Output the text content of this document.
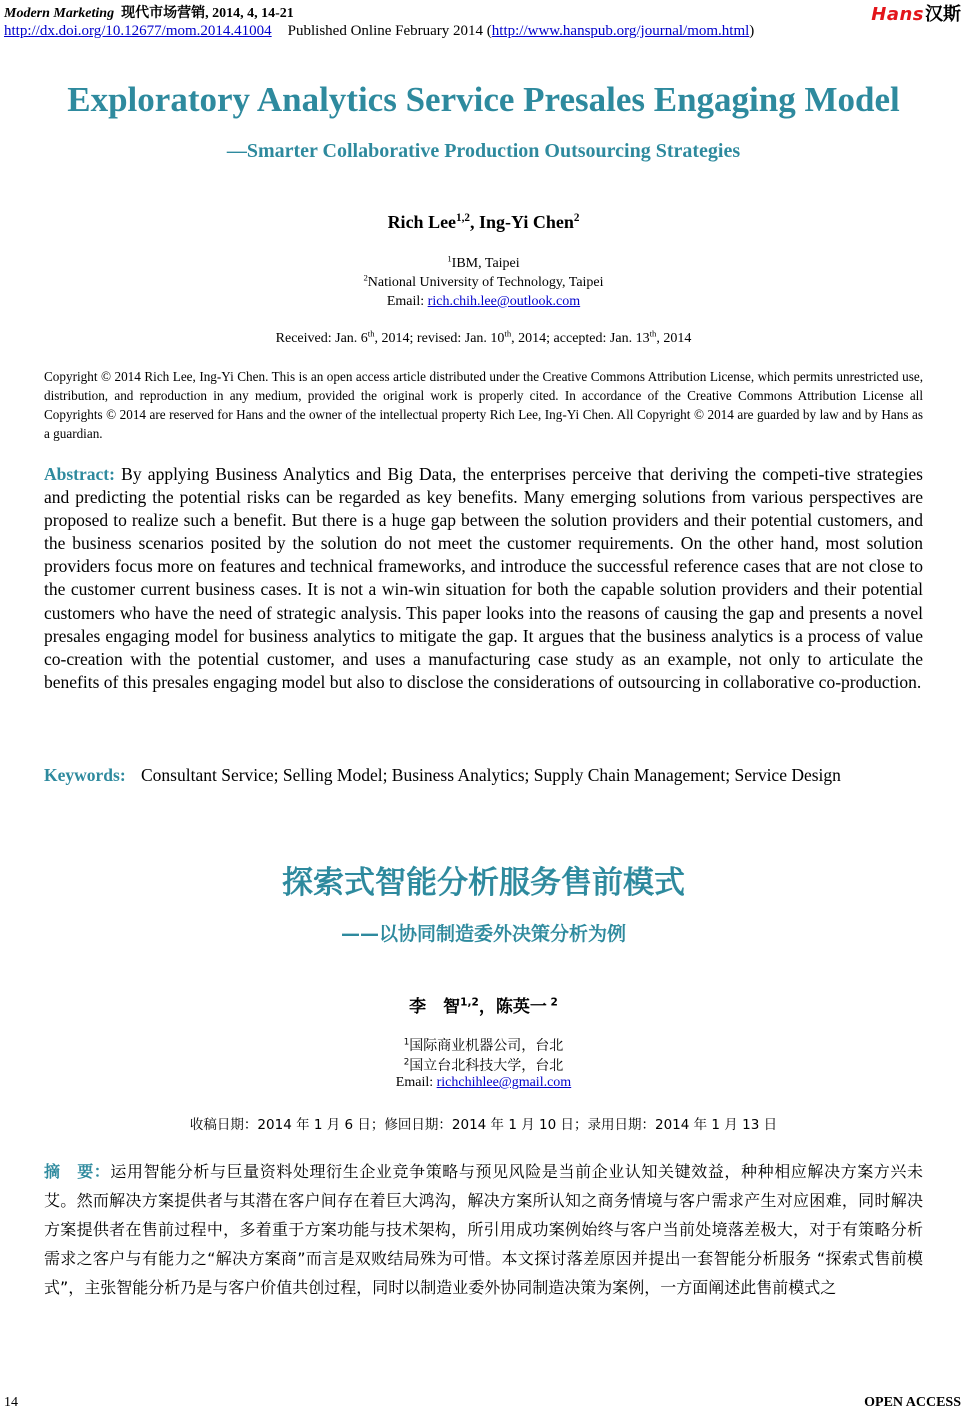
Modern Marketing 现代市场营销, 2014, 4, 14-21	Hans汉斯
http://dx.doi.org/10.12677/mom.2014.41004 Published Online February 2014 (http://www.hanspub.org/journal/mom.html)
Exploratory Analytics Service Presales Engaging Model
—Smarter Collaborative Production Outsourcing Strategies
Rich Lee$^{1,2}$, Ing-Yi Chen$^2$
$^1$IBM, Taipei
$^2$National University of Technology, Taipei
Email: rich.chih.lee@outlook.com
Received: Jan. 6th, 2014; revised: Jan. 10th, 2014; accepted: Jan. 13th, 2014
Copyright © 2014 Rich Lee, Ing-Yi Chen. This is an open access article distributed under the Creative Commons Attribution License, which permits unrestricted use, distribution, and reproduction in any medium, provided the original work is properly cited. In accordance of the Creative Commons Attribution License all Copyrights © 2014 are reserved for Hans and the owner of the intellectual property Rich Lee, Ing-Yi Chen. All Copyright © 2014 are guarded by law and by Hans as a guardian.
Abstract: By applying Business Analytics and Big Data, the enterprises perceive that deriving the competi-tive strategies and predicting the potential risks can be regarded as key benefits. Many emerging solutions from various perspectives are proposed to realize such a benefit. But there is a huge gap between the solution providers and their potential customers, and the business scenarios posited by the solution do not meet the customer requirements. On the other hand, most solution providers focus more on features and technical frameworks, and introduce the successful reference cases that are not close to the customer current business cases. It is not a win-win situation for both the capable solution providers and their potential customers who have the need of strategic analysis. This paper looks into the reasons of causing the gap and presents a novel presales engaging model for business analytics to mitigate the gap. It argues that the business analytics is a process of value co-creation with the potential customer, and uses a manufacturing case study as an example, not only to articulate the benefits of this presales engaging model but also to disclose the considerations of outsourcing in collaborative co-production.
Keywords: Consultant Service; Selling Model; Business Analytics; Supply Chain Management; Service Design
探索式智能分析服务售前模式
——以协同制造委外决策分析为例
李　智$^{1,2}$，陈英一 $^2$
$^1$国际商业机器公司，台北
$^2$国立台北科技大学，台北
Email: richchihlee@gmail.com
收稿日期：2014 年 1 月 6 日；修回日期：2014 年 1 月 10 日；录用日期：2014 年 1 月 13 日
摘　要：运用智能分析与巨量资料处理衍生企业竞争策略与预见风险是当前企业认知关键效益，种种相应解决方案方兴未艾。然而解决方案提供者与其潜在客户间存在着巨大鸿沟，解决方案所认知之商务情境与客户需求产生对应困难，同时解决方案提供者在售前过程中，多着重于方案功能与技术架构，所引用成功案例始终与客户当前处境落差极大，对于有策略分析需求之客户与有能力之“解决方案商”而言是双败结局殊为可惜。本文探讨落差原因并提出一套智能分析服务 “探索式售前模式”，主张智能分析乃是与客户价值共创过程，同时以制造业委外协同制造决策为案例，一方面阐述此售前模式之
14	OPEN ACCESS
